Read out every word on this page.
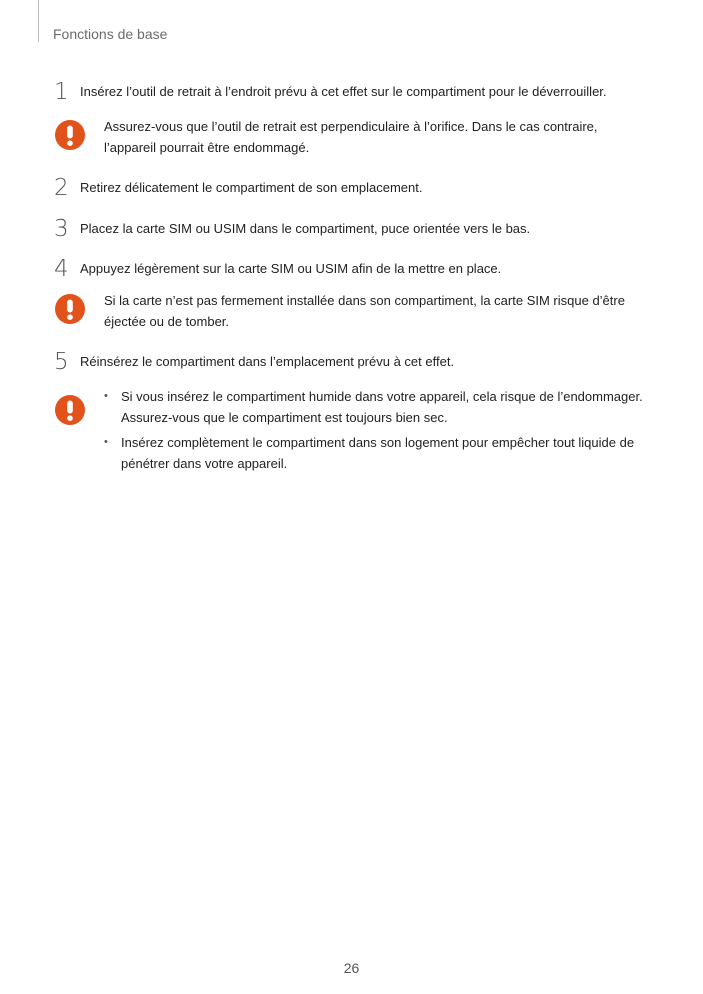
Fonctions de base
1 Insérez l’outil de retrait à l’endroit prévu à cet effet sur le compartiment pour le déverrouiller.
Assurez-vous que l’outil de retrait est perpendiculaire à l’orifice. Dans le cas contraire, l’appareil pourrait être endommagé.
2 Retirez délicatement le compartiment de son emplacement.
3 Placez la carte SIM ou USIM dans le compartiment, puce orientée vers le bas.
4 Appuyez légèrement sur la carte SIM ou USIM afin de la mettre en place.
Si la carte n’est pas fermement installée dans son compartiment, la carte SIM risque d’être éjectée ou de tomber.
5 Réinsérez le compartiment dans l’emplacement prévu à cet effet.
• Si vous insérez le compartiment humide dans votre appareil, cela risque de l’endommager. Assurez-vous que le compartiment est toujours bien sec.
• Insérez complètement le compartiment dans son logement pour empêcher tout liquide de pénétrer dans votre appareil.
26
